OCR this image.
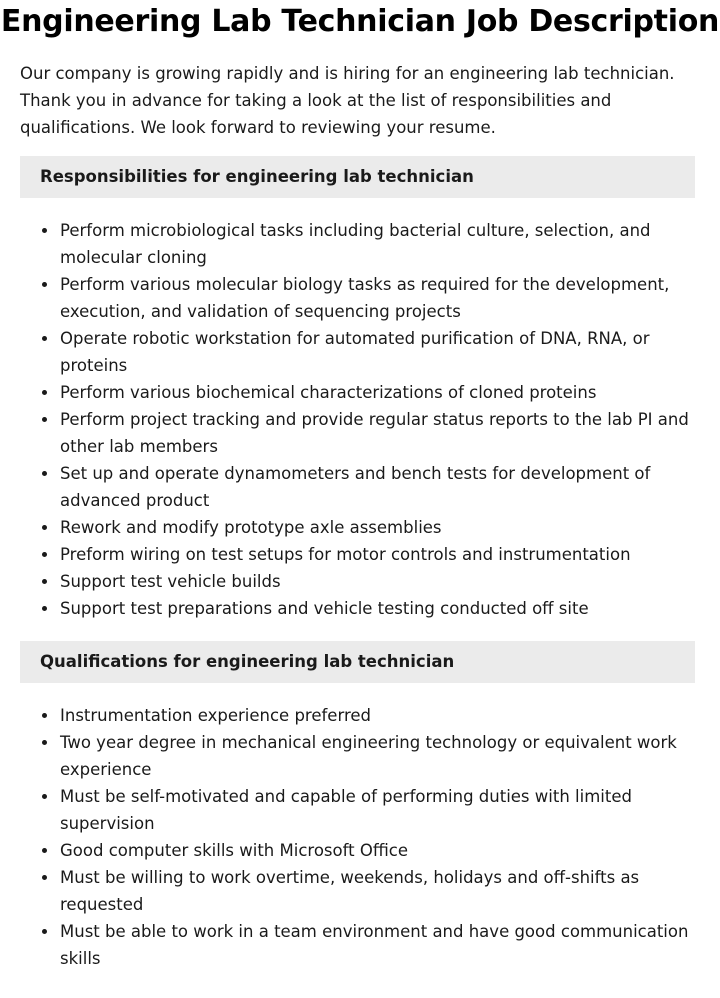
Engineering Lab Technician Job Description

Our company is growing rapidly and is hiring for an engineering lab technician. Thank you in advance for taking a look at the list of responsibilities and qualifications. We look forward to reviewing your resume.

Responsibilities for engineering lab technician
Perform microbiological tasks including bacterial culture, selection, and molecular cloning
Perform various molecular biology tasks as required for the development, execution, and validation of sequencing projects
Operate robotic workstation for automated purification of DNA, RNA, or proteins
Perform various biochemical characterizations of cloned proteins
Perform project tracking and provide regular status reports to the lab PI and other lab members
Set up and operate dynamometers and bench tests for development of advanced product
Rework and modify prototype axle assemblies
Preform wiring on test setups for motor controls and instrumentation
Support test vehicle builds
Support test preparations and vehicle testing conducted off site
Qualifications for engineering lab technician
Instrumentation experience preferred
Two year degree in mechanical engineering technology or equivalent work experience
Must be self-motivated and capable of performing duties with limited supervision
Good computer skills with Microsoft Office
Must be willing to work overtime, weekends, holidays and off-shifts as requested
Must be able to work in a team environment and have good communication skills
